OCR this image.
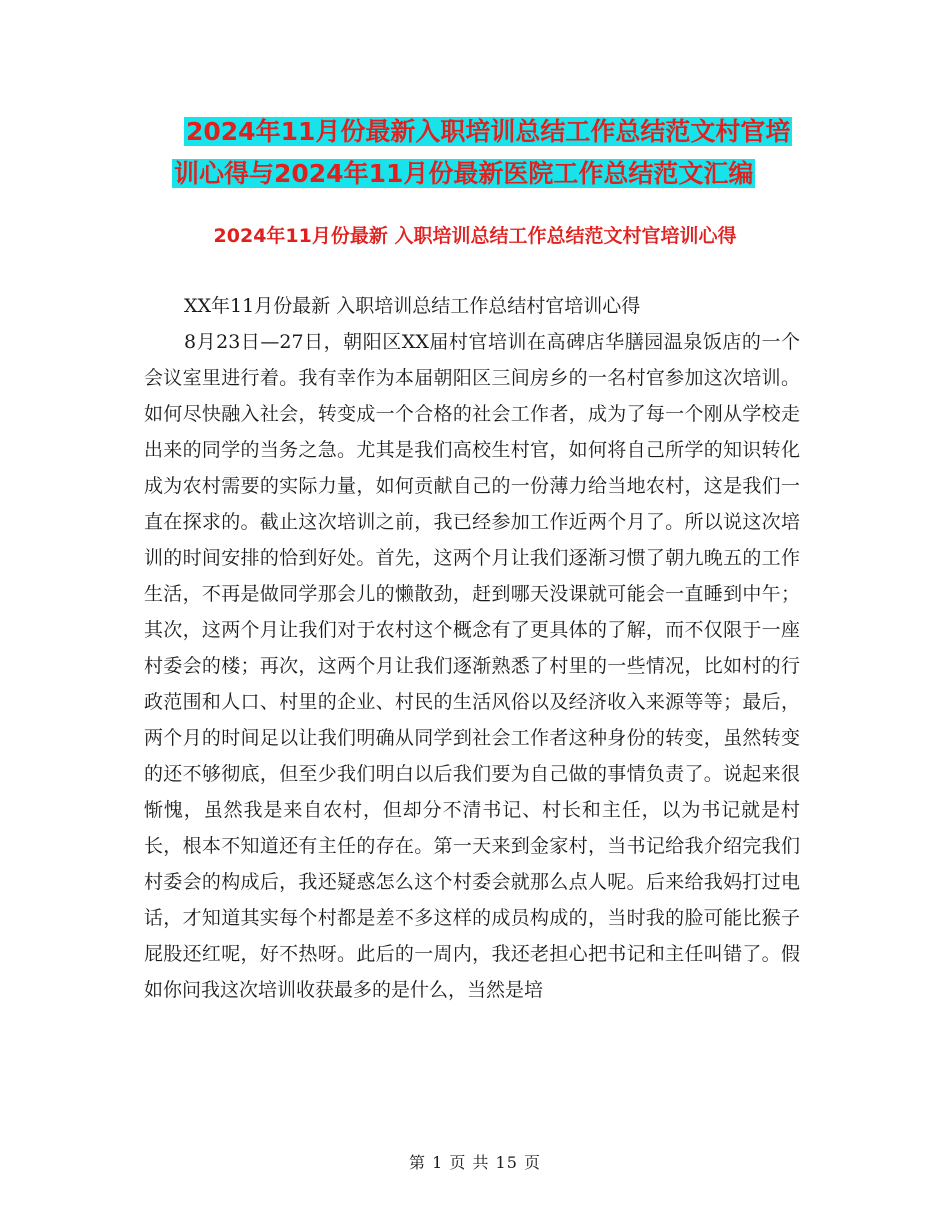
2024年11月份最新入职培训总结工作总结范文村官培
训心得与2024年11月份最新医院工作总结范文汇编
2024年11月份最新 入职培训总结工作总结范文村官培训心得

XX年11月份最新 入职培训总结工作总结村官培训心得

8月23日—27日，朝阳区XX届村官培训在高碑店华膳园温泉饭店的一个会议室里进行着。我有幸作为本届朝阳区三间房乡的一名村官参加这次培训。如何尽快融入社会，转变成一个合格的社会工作者，成为了每一个刚从学校走出来的同学的当务之急。尤其是我们高校生村官，如何将自己所学的知识转化成为农村需要的实际力量，如何贡献自己的一份薄力给当地农村，这是我们一直在探求的。截止这次培训之前，我已经参加工作近两个月了。所以说这次培训的时间安排的恰到好处。首先，这两个月让我们逐渐习惯了朝九晚五的工作生活，不再是做同学那会儿的懒散劲，赶到哪天没课就可能会一直睡到中午；其次，这两个月让我们对于农村这个概念有了更具体的了解，而不仅限于一座村委会的楼；再次，这两个月让我们逐渐熟悉了村里的一些情况，比如村的行政范围和人口、村里的企业、村民的生活风俗以及经济收入来源等等；最后，两个月的时间足以让我们明确从同学到社会工作者这种身份的转变，虽然转变的还不够彻底，但至少我们明白以后我们要为自己做的事情负责了。说起来很惭愧，虽然我是来自农村，但却分不清书记、村长和主任，以为书记就是村长，根本不知道还有主任的存在。第一天来到金家村，当书记给我介绍完我们村委会的构成后，我还疑惑怎么这个村委会就那么点人呢。后来给我妈打过电话，才知道其实每个村都是差不多这样的成员构成的，当时我的脸可能比猴子屁股还红呢，好不热呀。此后的一周内，我还老担心把书记和主任叫错了。假如你问我这次培训收获最多的是什么，当然是培

第 1 页 共 15 页
